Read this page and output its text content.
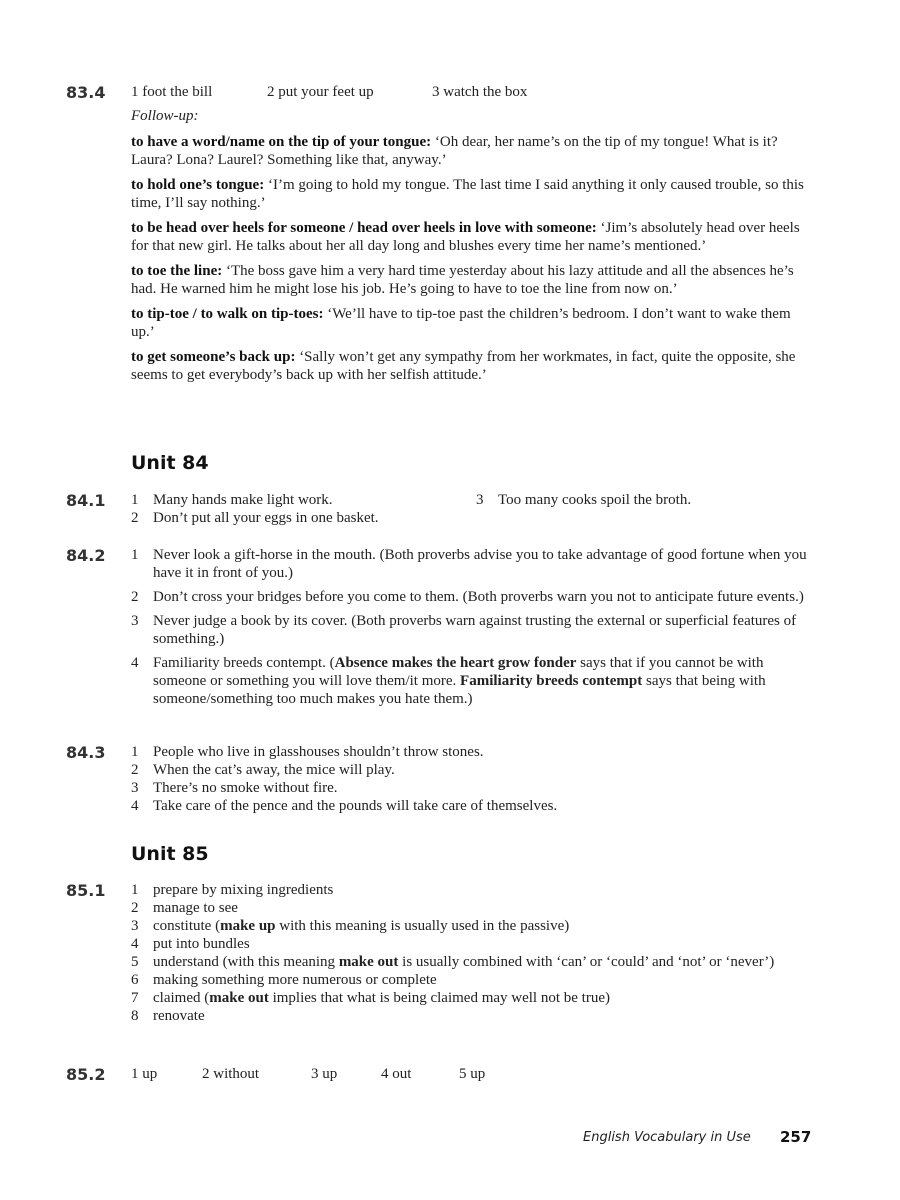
83.4 1 foot the bill	2 put your feet up	3 watch the box
Follow-up:
to have a word/name on the tip of your tongue: ‘Oh dear, her name’s on the tip of my tongue! What is it? Laura? Lona? Laurel? Something like that, anyway.’
to hold one’s tongue: ‘I’m going to hold my tongue. The last time I said anything it only caused trouble, so this time, I’ll say nothing.’
to be head over heels for someone / head over heels in love with someone: ‘Jim’s absolutely head over heels for that new girl. He talks about her all day long and blushes every time her name’s mentioned.’
to toe the line: ‘The boss gave him a very hard time yesterday about his lazy attitude and all the absences he’s had. He warned him he might lose his job. He’s going to have to toe the line from now on.’
to tip-toe / to walk on tip-toes: ‘We’ll have to tip-toe past the children’s bedroom. I don’t want to wake them up.’
to get someone’s back up: ‘Sally won’t get any sympathy from her workmates, in fact, quite the opposite, she seems to get everybody’s back up with her selfish attitude.’
Unit 84
84.1 1 Many hands make light work.	3 Too many cooks spoil the broth.
2 Don’t put all your eggs in one basket.
84.2 1 Never look a gift-horse in the mouth. (Both proverbs advise you to take advantage of good fortune when you have it in front of you.)
2 Don’t cross your bridges before you come to them. (Both proverbs warn you not to anticipate future events.)
3 Never judge a book by its cover. (Both proverbs warn against trusting the external or superficial features of something.)
4 Familiarity breeds contempt. (Absence makes the heart grow fonder says that if you cannot be with someone or something you will love them/it more. Familiarity breeds contempt says that being with someone/something too much makes you hate them.)
84.3 1 People who live in glasshouses shouldn’t throw stones.
2 When the cat’s away, the mice will play.
3 There’s no smoke without fire.
4 Take care of the pence and the pounds will take care of themselves.
Unit 85
85.1 1 prepare by mixing ingredients
2 manage to see
3 constitute (make up with this meaning is usually used in the passive)
4 put into bundles
5 understand (with this meaning make out is usually combined with ‘can’ or ‘could’ and ‘not’ or ‘never’)
6 making something more numerous or complete
7 claimed (make out implies that what is being claimed may well not be true)
8 renovate
85.2 1 up	2 without	3 up	4 out	5 up
English Vocabulary in Use 257
